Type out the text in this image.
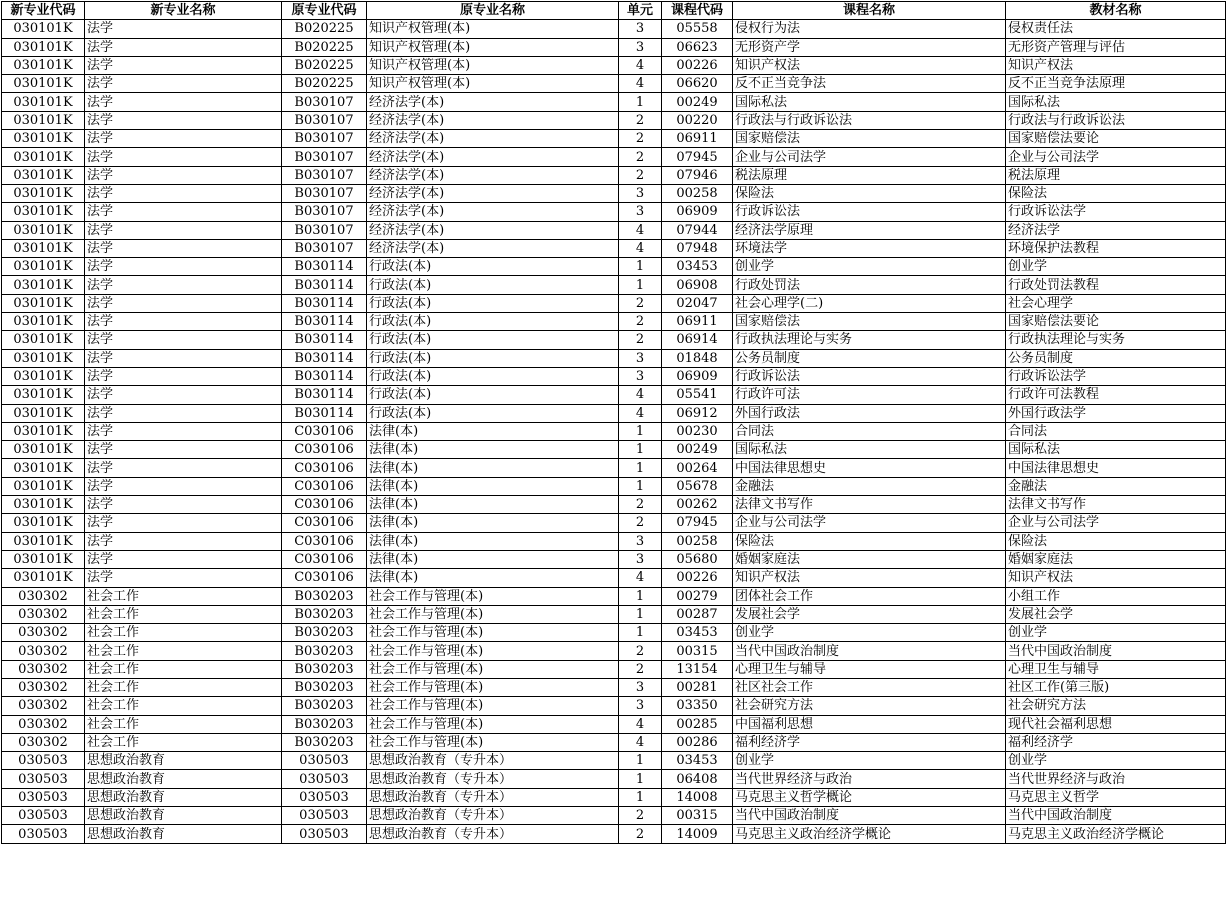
新专业代码	新专业名称	原专业代码	原专业名称	单元	课程代码	课程名称	教材名称
030101K	法学	B020225	知识产权管理(本)	3	05558	侵权行为法	侵权责任法
030101K	法学	B020225	知识产权管理(本)	3	06623	无形资产学	无形资产管理与评估
030101K	法学	B020225	知识产权管理(本)	4	00226	知识产权法	知识产权法
030101K	法学	B020225	知识产权管理(本)	4	06620	反不正当竞争法	反不正当竞争法原理
030101K	法学	B030107	经济法学(本)	1	00249	国际私法	国际私法
030101K	法学	B030107	经济法学(本)	2	00220	行政法与行政诉讼法	行政法与行政诉讼法
030101K	法学	B030107	经济法学(本)	2	06911	国家赔偿法	国家赔偿法要论
030101K	法学	B030107	经济法学(本)	2	07945	企业与公司法学	企业与公司法学
030101K	法学	B030107	经济法学(本)	2	07946	税法原理	税法原理
030101K	法学	B030107	经济法学(本)	3	00258	保险法	保险法
030101K	法学	B030107	经济法学(本)	3	06909	行政诉讼法	行政诉讼法学
030101K	法学	B030107	经济法学(本)	4	07944	经济法学原理	经济法学
030101K	法学	B030107	经济法学(本)	4	07948	环境法学	环境保护法教程
030101K	法学	B030114	行政法(本)	1	03453	创业学	创业学
030101K	法学	B030114	行政法(本)	1	06908	行政处罚法	行政处罚法教程
030101K	法学	B030114	行政法(本)	2	02047	社会心理学(二)	社会心理学
030101K	法学	B030114	行政法(本)	2	06911	国家赔偿法	国家赔偿法要论
030101K	法学	B030114	行政法(本)	2	06914	行政执法理论与实务	行政执法理论与实务
030101K	法学	B030114	行政法(本)	3	01848	公务员制度	公务员制度
030101K	法学	B030114	行政法(本)	3	06909	行政诉讼法	行政诉讼法学
030101K	法学	B030114	行政法(本)	4	05541	行政许可法	行政许可法教程
030101K	法学	B030114	行政法(本)	4	06912	外国行政法	外国行政法学
030101K	法学	C030106	法律(本)	1	00230	合同法	合同法
030101K	法学	C030106	法律(本)	1	00249	国际私法	国际私法
030101K	法学	C030106	法律(本)	1	00264	中国法律思想史	中国法律思想史
030101K	法学	C030106	法律(本)	1	05678	金融法	金融法
030101K	法学	C030106	法律(本)	2	00262	法律文书写作	法律文书写作
030101K	法学	C030106	法律(本)	2	07945	企业与公司法学	企业与公司法学
030101K	法学	C030106	法律(本)	3	00258	保险法	保险法
030101K	法学	C030106	法律(本)	3	05680	婚姻家庭法	婚姻家庭法
030101K	法学	C030106	法律(本)	4	00226	知识产权法	知识产权法
030302	社会工作	B030203	社会工作与管理(本)	1	00279	团体社会工作	小组工作
030302	社会工作	B030203	社会工作与管理(本)	1	00287	发展社会学	发展社会学
030302	社会工作	B030203	社会工作与管理(本)	1	03453	创业学	创业学
030302	社会工作	B030203	社会工作与管理(本)	2	00315	当代中国政治制度	当代中国政治制度
030302	社会工作	B030203	社会工作与管理(本)	2	13154	心理卫生与辅导	心理卫生与辅导
030302	社会工作	B030203	社会工作与管理(本)	3	00281	社区社会工作	社区工作(第三版)
030302	社会工作	B030203	社会工作与管理(本)	3	03350	社会研究方法	社会研究方法
030302	社会工作	B030203	社会工作与管理(本)	4	00285	中国福利思想	现代社会福利思想
030302	社会工作	B030203	社会工作与管理(本)	4	00286	福利经济学	福利经济学
030503	思想政治教育	030503	思想政治教育（专升本）	1	03453	创业学	创业学
030503	思想政治教育	030503	思想政治教育（专升本）	1	06408	当代世界经济与政治	当代世界经济与政治
030503	思想政治教育	030503	思想政治教育（专升本）	1	14008	马克思主义哲学概论	马克思主义哲学
030503	思想政治教育	030503	思想政治教育（专升本）	2	00315	当代中国政治制度	当代中国政治制度
030503	思想政治教育	030503	思想政治教育（专升本）	2	14009	马克思主义政治经济学概论	马克思主义政治经济学概论
